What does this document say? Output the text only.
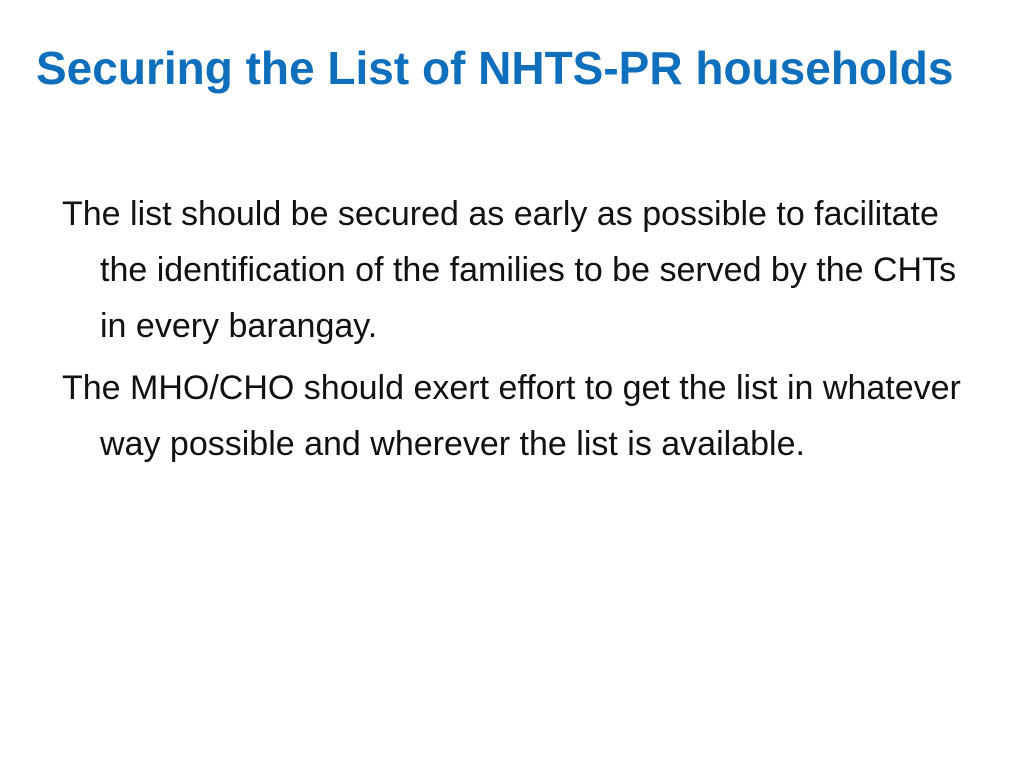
Securing the List of NHTS-PR households
The list should be secured as early as possible to facilitate the identification of the families to be served by the CHTs in every barangay.
The MHO/CHO should exert effort to get the list in whatever way possible and wherever the list is available.
